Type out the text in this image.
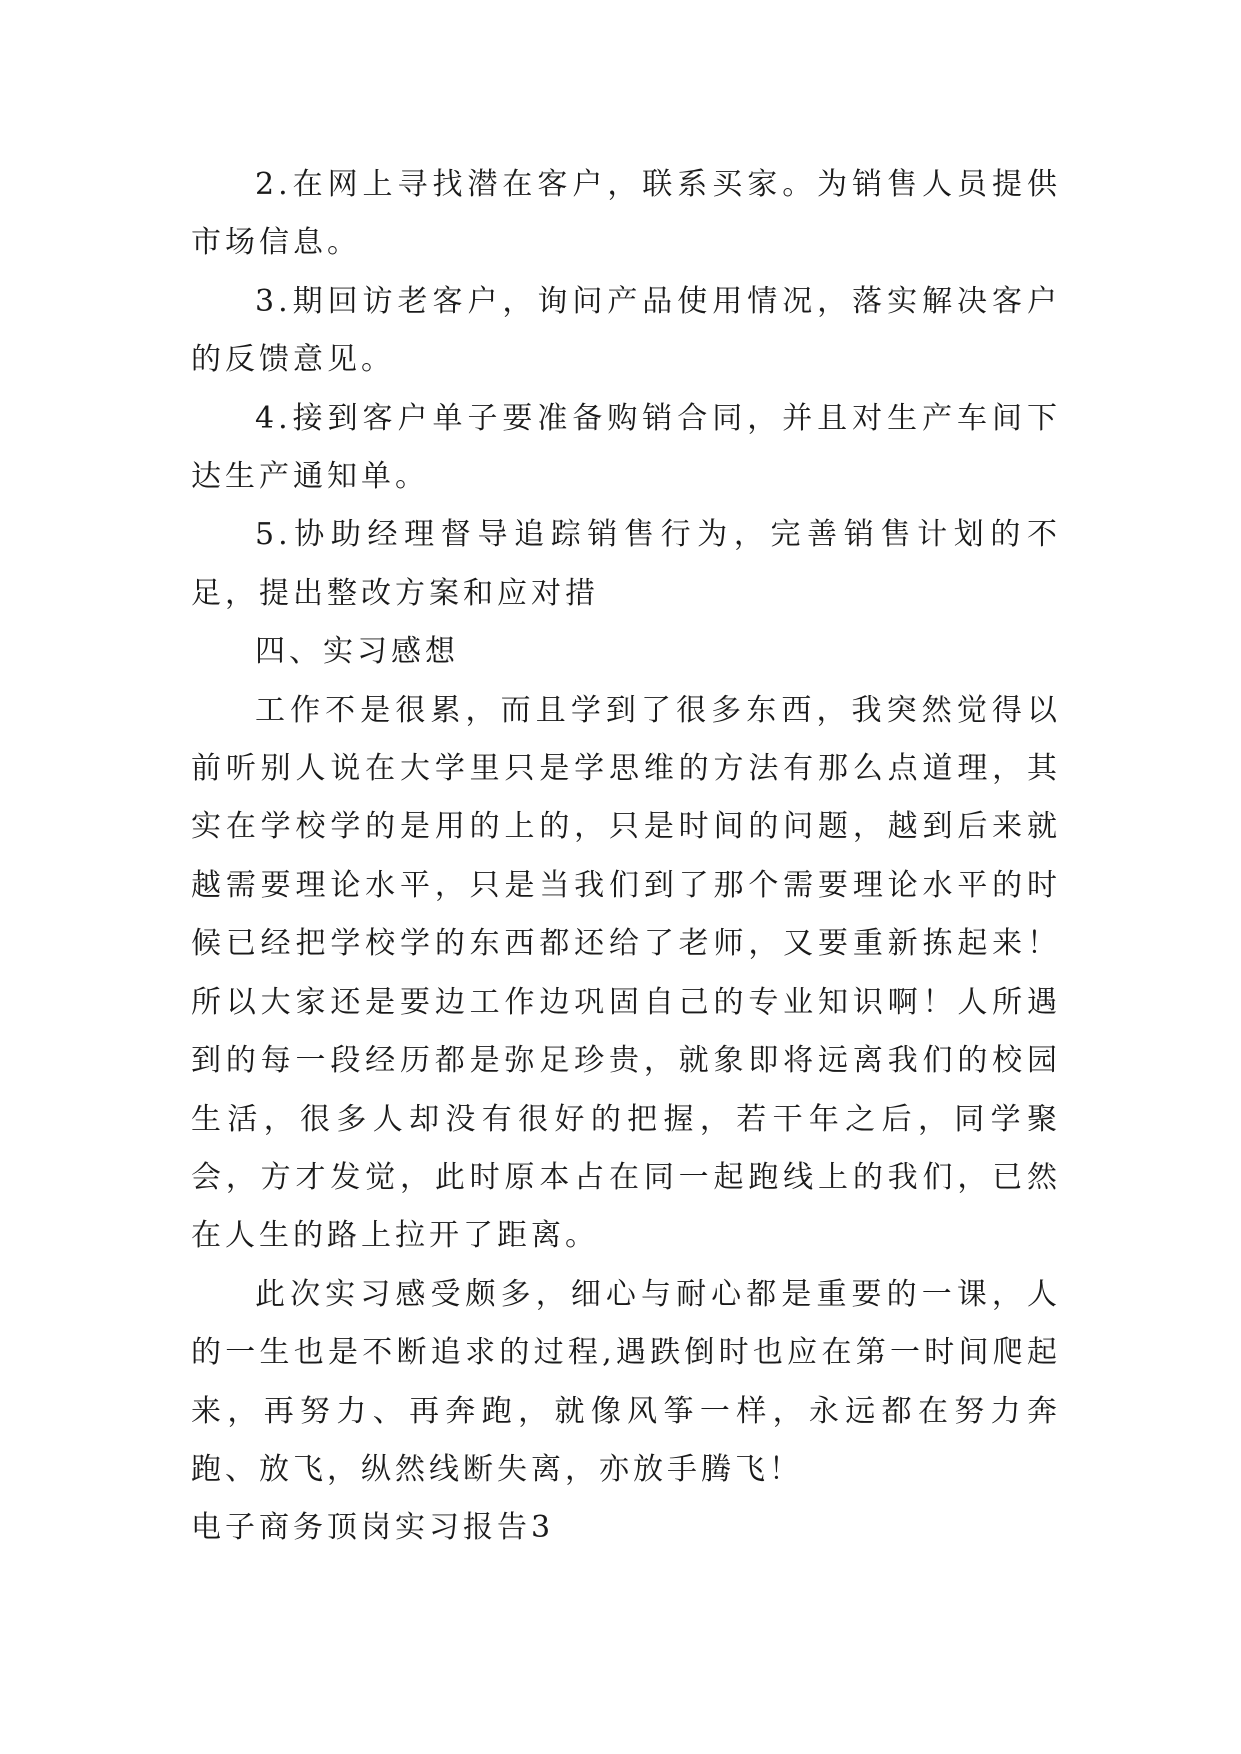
2.在网上寻找潜在客户，联系买家。为销售人员提供市场信息。

3.期回访老客户，询问产品使用情况，落实解决客户的反馈意见。

4.接到客户单子要准备购销合同，并且对生产车间下达生产通知单。

5.协助经理督导追踪销售行为，完善销售计划的不足，提出整改方案和应对措

四、实习感想

工作不是很累，而且学到了很多东西，我突然觉得以前听别人说在大学里只是学思维的方法有那么点道理，其实在学校学的是用的上的，只是时间的问题，越到后来就越需要理论水平，只是当我们到了那个需要理论水平的时候已经把学校学的东西都还给了老师，又要重新拣起来！所以大家还是要边工作边巩固自己的专业知识啊！人所遇到的每一段经历都是弥足珍贵，就象即将远离我们的校园生活，很多人却没有很好的把握，若干年之后，同学聚会，方才发觉，此时原本占在同一起跑线上的我们，已然在人生的路上拉开了距离。

此次实习感受颇多，细心与耐心都是重要的一课，人的一生也是不断追求的过程,遇跌倒时也应在第一时间爬起来，再努力、再奔跑，就像风筝一样，永远都在努力奔跑、放飞，纵然线断失离，亦放手腾飞！

电子商务顶岗实习报告3
